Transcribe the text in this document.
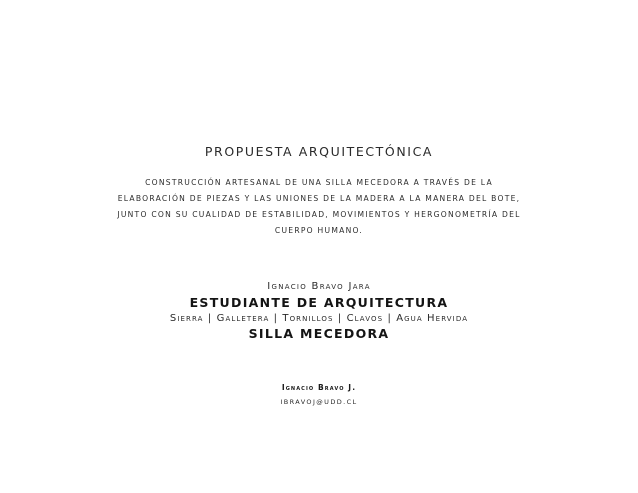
PROPUESTA ARQUITECTÓNICA
CONSTRUCCIÓN ARTESANAL DE UNA SILLA MECEDORA A TRAVÉS DE LA
ELABORACIÓN DE PIEZAS Y LAS UNIONES DE LA MADERA A LA MANERA DEL BOTE,
JUNTO CON SU CUALIDAD DE ESTABILIDAD, MOVIMIENTOS Y HERGONOMETRÍA DEL
CUERPO HUMANO.
Ignacio Bravo Jara
ESTUDIANTE DE ARQUITECTURA
Sierra | Galletera | Tornillos | Clavos | Agua Hervida
SILLA MECEDORA
Ignacio Bravo J.
IBRAVOJ@UDD.CL
